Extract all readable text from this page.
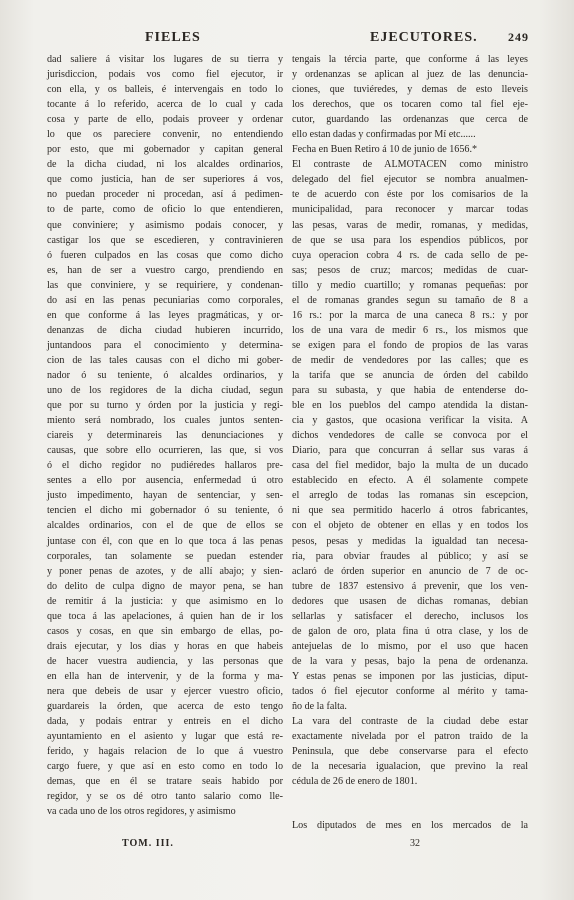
FIELES	EJECUTORES.	249
dad saliere á visitar los lugares de su tierra y
jurisdiccion, podais vos como fiel ejecutor, ir
con ella, y os balleis, é intervengais en todo lo
tocante á lo referido, acerca de lo cual y cada
cosa y parte de ello, podais proveer y ordenar
lo que os pareciere convenir, no entendiendo
por esto, que mi gobernador y capitan general
de la dicha ciudad, ni los alcaldes ordinarios,
que como justicia, han de ser superiores á vos,
no puedan proceder ni procedan, así á pedimen-
to de parte, como de oficio lo que entendieren,
que conviniere; y asimismo podais conocer, y
castigar los que se escedieren, y contravinieren
ó fueren culpados en las cosas que como dicho
es, han de ser a vuestro cargo, prendiendo en
las que conviniere, y se requiriere, y condenan-
do así en las penas pecuniarias como corporales,
en que conforme á las leyes pragmáticas, y or-
denanzas de dicha ciudad hubieren incurrido,
juntandoos para el conocimiento y determina-
cion de las tales causas con el dicho mi gober-
nador ó su teniente, ó alcaldes ordinarios, y
uno de los regidores de la dicha ciudad, segun
que por su turno y órden por la justicia y regi-
miento será nombrado, los cuales juntos senten-
ciareis y determinareis las denunciaciones y
causas, que sobre ello ocurrieren, las que, si vos
ó el dicho regidor no pudiéredes hallaros pre-
sentes a ello por ausencia, enfermedad ú otro
justo impedimento, hayan de sentenciar, y sen-
tencien el dicho mi gobernador ó su teniente, ó
alcaldes ordinarios, con el de que de ellos se
juntase con él, con que en lo que toca á las penas
corporales, tan solamente se puedan estender
y poner penas de azotes, y de allí abajo; y sien-
do delito de culpa digno de mayor pena, se han
de remitir á la justicia: y que asimismo en lo
que toca á las apelaciones, á quien han de ir los
casos y cosas, en que sin embargo de ellas, po-
drais ejecutar, y los dias y horas en que habeis
de hacer vuestra audiencia, y las personas que
en ella han de intervenir, y de la forma y ma-
nera que debeis de usar y ejercer vuestro oficio,
guardareis la órden, que acerca de esto tengo
dada, y podais entrar y entreis en el dicho
ayuntamiento en el asiento y lugar que está re-
ferido, y hagais relacion de lo que á vuestro
cargo fuere, y que así en esto como en todo lo
demas, que en él se tratare seais habido por
regidor, y se os dé otro tanto salario como lle-
va cada uno de los otros regidores, y asimismo
tengais la tércia parte, que conforme á las leyes
y ordenanzas se aplican al juez de las denuncia-
ciones, que tuviéredes, y demas de esto lleveis
los derechos, que os tocaren como tal fiel eje-
cutor, guardando las ordenanzas que cerca de
ello estan dadas y confirmadas por Mí etc......
Fecha en Buen Retiro á 10 de junio de 1656.*
El contraste de ALMOTACEN como ministro
delegado del fiel ejecutor se nombra anualmen-
te de acuerdo con éste por los comisarios de la
municipalidad, para reconocer y marcar todas
las pesas, varas de medir, romanas, y medidas,
de que se usa para los espendios públicos, por
cuya operacion cobra 4 rs. de cada sello de pe-
sas; pesos de cruz; marcos; medidas de cuar-
tillo y medio cuartillo; y romanas pequeñas: por
el de romanas grandes segun su tamaño de 8 a
16 rs.: por la marca de una caneca 8 rs.: y por
los de una vara de medir 6 rs., los mismos que
se exigen para el fondo de propios de las varas
de medir de vendedores por las calles; que es
la tarifa que se anuncia de órden del cabildo
para su subasta, y que habia de entenderse do-
ble en los pueblos del campo atendida la distan-
cia y gastos, que ocasiona verificar la visita. A
dichos vendedores de calle se convoca por el
Diario, para que concurran á sellar sus varas á
casa del fiel medidor, bajo la multa de un ducado
establecido en efecto. A él solamente compete
el arreglo de todas las romanas sin escepcion,
ni que sea permitido hacerlo á otros fabricantes,
con el objeto de obtener en ellas y en todos los
pesos, pesas y medidas la igualdad tan necesa-
ria, para obviar fraudes al público; y así se
aclaró de órden superior en anuncio de 7 de oc-
tubre de 1837 estensivo á prevenir, que los ven-
dedores que usasen de dichas romanas, debian
sellarlas y satisfacer el derecho, inclusos los
de galon de oro, plata fina ú otra clase, y los de
antejuelas de lo mismo, por el uso que hacen
de la vara y pesas, bajo la pena de ordenanza.
Y estas penas se imponen por las justicias, diput-
tados ó fiel ejecutor conforme al mérito y tama-
ño de la falta.
La vara del contraste de la ciudad debe estar
exactamente nivelada por el patron traido de la
Peninsula, que debe conservarse para el efecto
de la necesaria igualacion, que previno la real
cédula de 26 de enero de 1801.
Los diputados de mes en los mercados de la
TOM. III.	32
